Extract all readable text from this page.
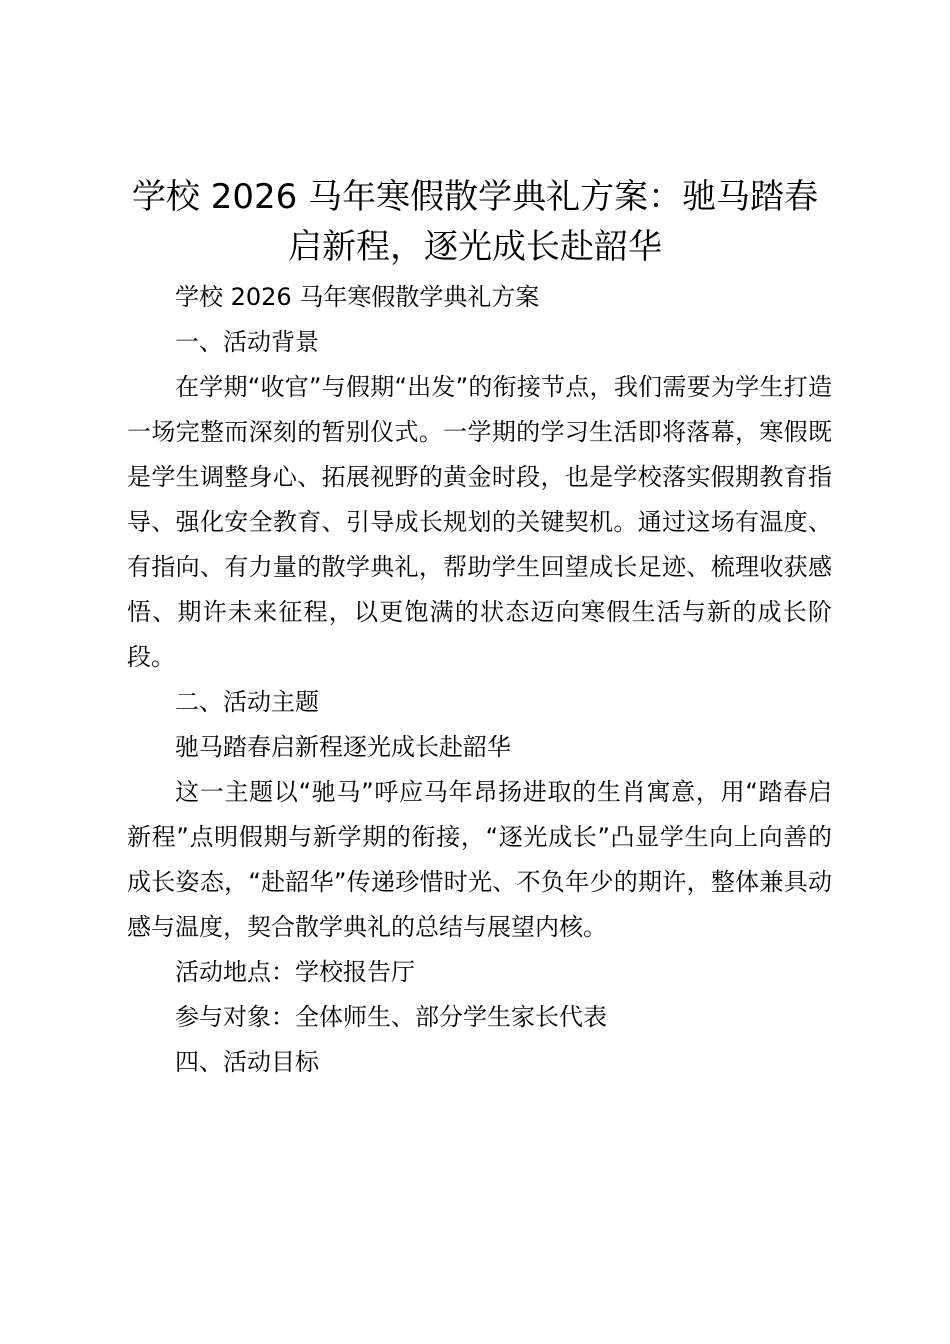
学校 2026 马年寒假散学典礼方案：驰马踏春启新程，逐光成长赴韶华

学校 2026 马年寒假散学典礼方案

一、活动背景

在学期“收官”与假期“出发”的衔接节点，我们需要为学生打造一场完整而深刻的暂别仪式。一学期的学习生活即将落幕，寒假既是学生调整身心、拓展视野的黄金时段，也是学校落实假期教育指导、强化安全教育、引导成长规划的关键契机。通过这场有温度、有指向、有力量的散学典礼，帮助学生回望成长足迹、梳理收获感悟、期许未来征程，以更饱满的状态迈向寒假生活与新的成长阶段。

二、活动主题

驰马踏春启新程逐光成长赴韶华

这一主题以“驰马”呼应马年昂扬进取的生肖寓意，用“踏春启新程”点明假期与新学期的衔接，“逐光成长”凸显学生向上向善的成长姿态，“赴韶华”传递珍惜时光、不负年少的期许，整体兼具动感与温度，契合散学典礼的总结与展望内核。

活动地点：学校报告厅

参与对象：全体师生、部分学生家长代表

四、活动目标
